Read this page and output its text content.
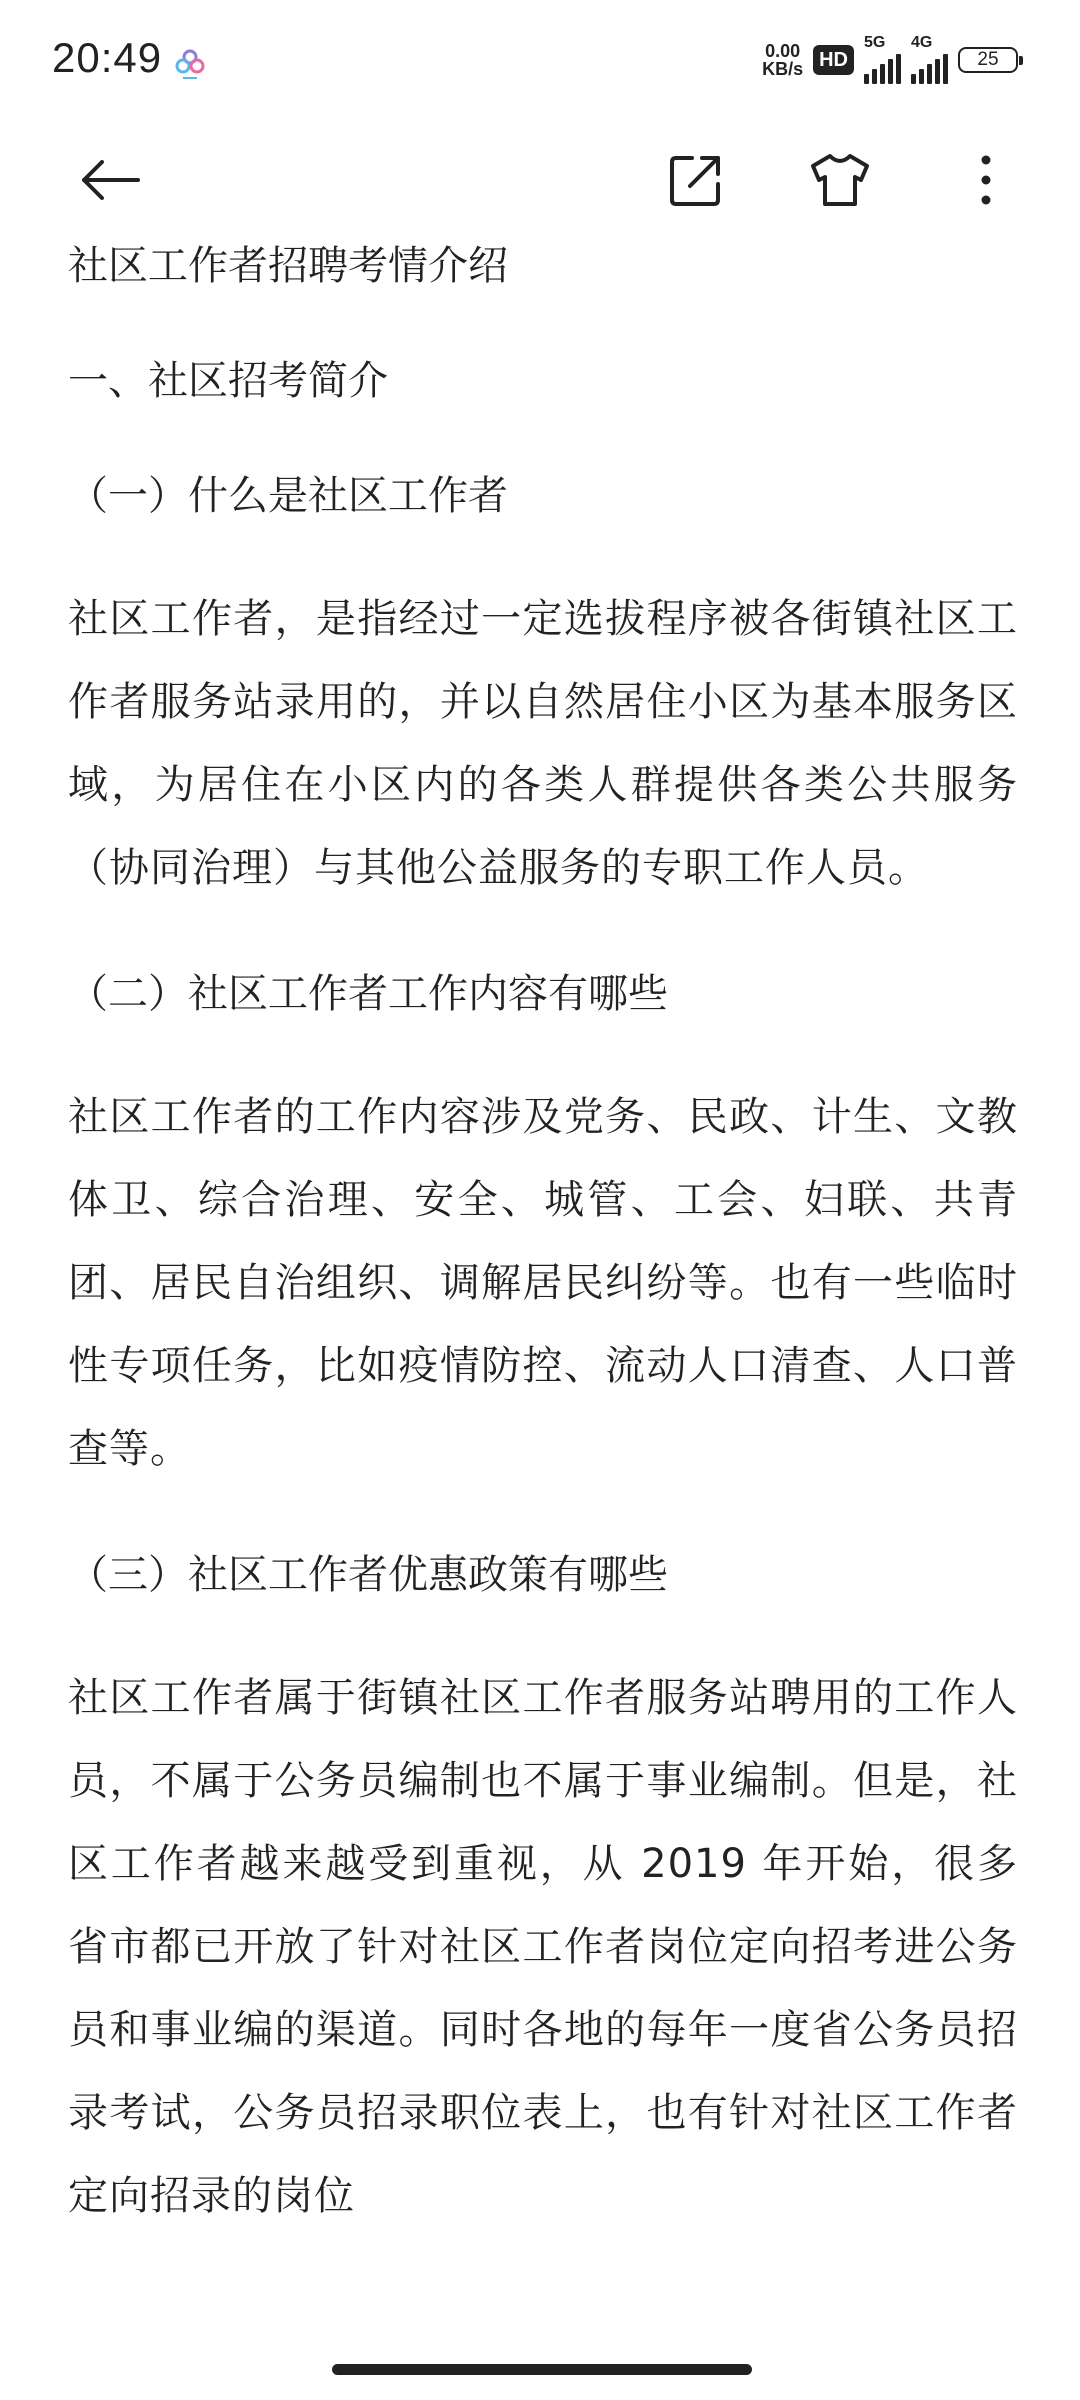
20:49	0.00
KB/s HD
5G 4G
25

社区工作者招聘考情介绍

一、社区招考简介

（一）什么是社区工作者

社区工作者，是指经过一定选拔程序被各街镇社区工作者服务站录用的，并以自然居住小区为基本服务区域，为居住在小区内的各类人群提供各类公共服务（协同治理）与其他公益服务的专职工作人员。

（二）社区工作者工作内容有哪些

社区工作者的工作内容涉及党务、民政、计生、文教体卫、综合治理、安全、城管、工会、妇联、共青团、居民自治组织、调解居民纠纷等。也有一些临时性专项任务，比如疫情防控、流动人口清查、人口普查等。

（三）社区工作者优惠政策有哪些

社区工作者属于街镇社区工作者服务站聘用的工作人员，不属于公务员编制也不属于事业编制。但是，社区工作者越来越受到重视，从 2019 年开始，很多省市都已开放了针对社区工作者岗位定向招考进公务员和事业编的渠道。同时各地的每年一度省公务员招录考试，公务员招录职位表上，也有针对社区工作者定向招录的岗位
